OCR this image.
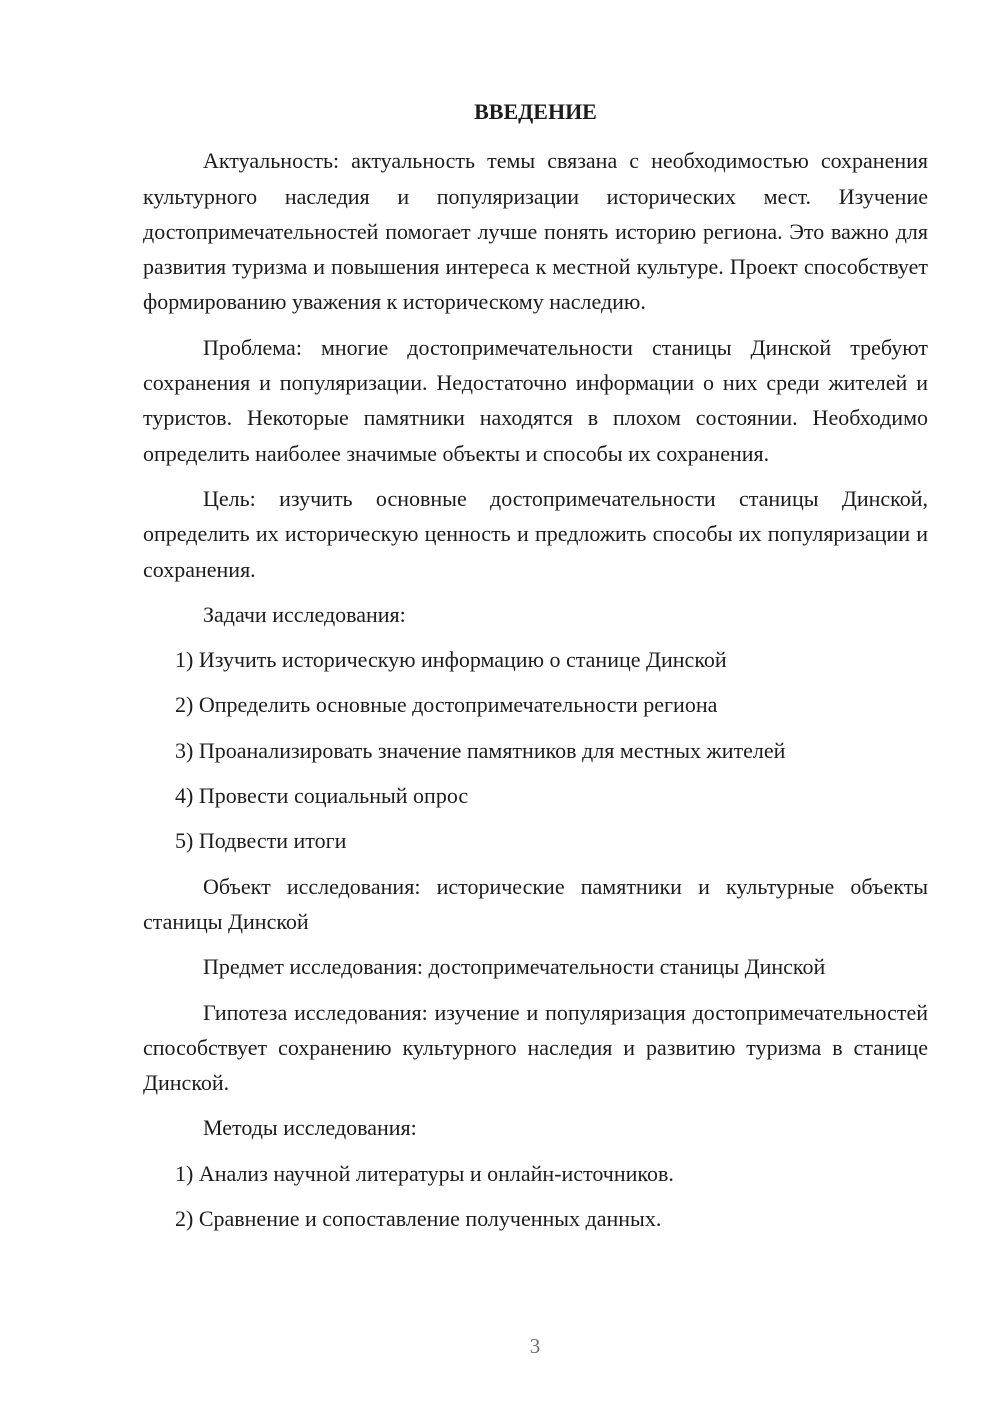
ВВЕДЕНИЕ

Актуальность: актуальность темы связана с необходимостью сохранения культурного наследия и популяризации исторических мест. Изучение достопримечательностей помогает лучше понять историю региона. Это важно для развития туризма и повышения интереса к местной культуре. Проект способствует формированию уважения к историческому наследию.

Проблема: многие достопримечательности станицы Динской требуют сохранения и популяризации. Недостаточно информации о них среди жителей и туристов. Некоторые памятники находятся в плохом состоянии. Необходимо определить наиболее значимые объекты и способы их сохранения.

Цель: изучить основные достопримечательности станицы Динской, определить их историческую ценность и предложить способы их популяризации и сохранения.

Задачи исследования:

1) Изучить историческую информацию о станице Динской
2) Определить основные достопримечательности региона
3) Проанализировать значение памятников для местных жителей
4) Провести социальный опрос
5) Подвести итоги

Объект исследования: исторические памятники и культурные объекты станицы Динской

Предмет исследования: достопримечательности станицы Динской

Гипотеза исследования: изучение и популяризация достопримечательностей способствует сохранению культурного наследия и развитию туризма в станице Динской.

Методы исследования:

1) Анализ научной литературы и онлайн-источников.
2) Сравнение и сопоставление полученных данных.
3
